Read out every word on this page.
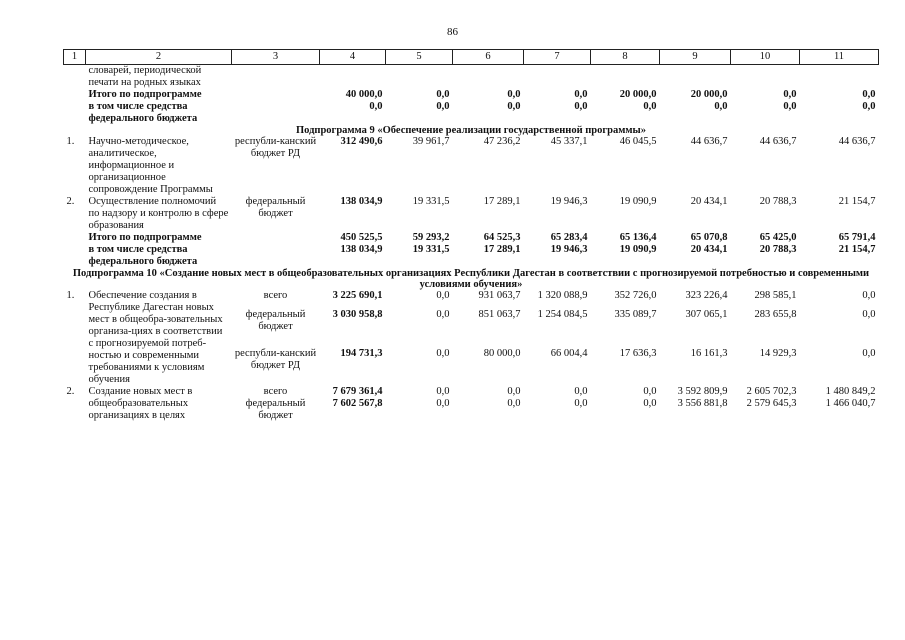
86
1	2	3	4	5	6	7	8	9	10	11
	словарей, периодической печати на родных языках									
	Итого по подпрограмме		40 000,0	0,0	0,0	0,0	20 000,0	20 000,0	0,0	0,0
	в том числе средства федерального бюджета		0,0	0,0	0,0	0,0	0,0	0,0	0,0	0,0
Подпрограмма 9 «Обеспечение реализации государственной программы»										
1.	Научно-методическое, аналитическое, информационное и организационное сопровождение Программы	республи-канский бюджет РД	312 490,6	39 961,7	47 236,2	45 337,1	46 045,5	44 636,7	44 636,7	44 636,7
2.	Осуществление полномочий по надзору и контролю в сфере образования	федеральный бюджет	138 034,9	19 331,5	17 289,1	19 946,3	19 090,9	20 434,1	20 788,3	21 154,7
	Итого по подпрограмме		450 525,5	59 293,2	64 525,3	65 283,4	65 136,4	65 070,8	65 425,0	65 791,4
	в том числе средства федерального бюджета		138 034,9	19 331,5	17 289,1	19 946,3	19 090,9	20 434,1	20 788,3	21 154,7
Подпрограмма 10 «Создание новых мест в общеобразовательных организациях Республики Дагестан в соответствии с прогнозируемой потребностью и современными условиями обучения»										
1.	Обеспечение создания в Республике Дагестан новых мест в общеобра-зовательных организа-циях в соответствии с прогнозируемой потреб-ностью и современными требованиями к условиям обучения	всего	3 225 690,1	0,0	931 063,7	1 320 088,9	352 726,0	323 226,4	298 585,1	0,0
		федеральный бюджет	3 030 958,8	0,0	851 063,7	1 254 084,5	335 089,7	307 065,1	283 655,8	0,0
		республи-канский бюджет РД	194 731,3	0,0	80 000,0	66 004,4	17 636,3	16 161,3	14 929,3	0,0
2.	Создание новых мест в общеобразовательных организациях в целях	всего	7 679 361,4	0,0	0,0	0,0	0,0	3 592 809,9	2 605 702,3	1 480 849,2
		федеральный бюджет	7 602 567,8	0,0	0,0	0,0	0,0	3 556 881,8	2 579 645,3	1 466 040,7
